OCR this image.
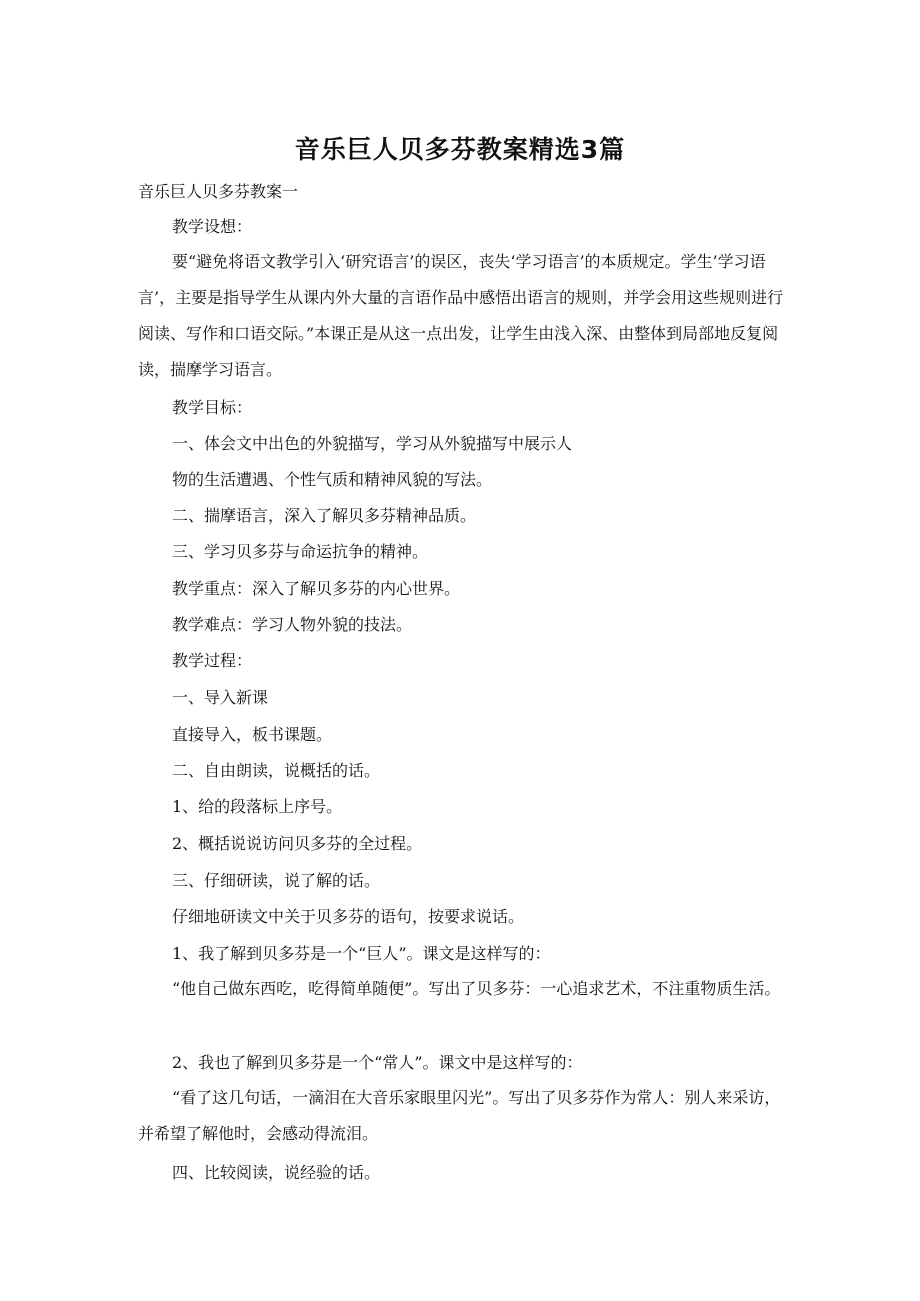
音乐巨人贝多芬教案精选3篇
音乐巨人贝多芬教案一
教学设想：
要“避免将语文教学引入‘研究语言’的误区，丧失‘学习语言’的本质规定。学生’学习语言’，主要是指导学生从课内外大量的言语作品中感悟出语言的规则，并学会用这些规则进行阅读、写作和口语交际。”本课正是从这一点出发，让学生由浅入深、由整体到局部地反复阅读，揣摩学习语言。
教学目标：
一、体会文中出色的外貌描写，学习从外貌描写中展示人
物的生活遭遇、个性气质和精神风貌的写法。
二、揣摩语言，深入了解贝多芬精神品质。
三、学习贝多芬与命运抗争的精神。
教学重点：深入了解贝多芬的内心世界。
教学难点：学习人物外貌的技法。
教学过程：
一、导入新课
直接导入，板书课题。
二、自由朗读，说概括的话。
1、给的段落标上序号。
2、概括说说访问贝多芬的全过程。
三、仔细研读，说了解的话。
仔细地研读文中关于贝多芬的语句，按要求说话。
1、我了解到贝多芬是一个“巨人”。课文是这样写的：
“他自己做东西吃，吃得简单随便”。写出了贝多芬：一心追求艺术，不注重物质生活。
2、我也了解到贝多芬是一个“常人”。课文中是这样写的：
“看了这几句话，一滴泪在大音乐家眼里闪光”。写出了贝多芬作为常人：别人来采访，并希望了解他时，会感动得流泪。
四、比较阅读，说经验的话。
